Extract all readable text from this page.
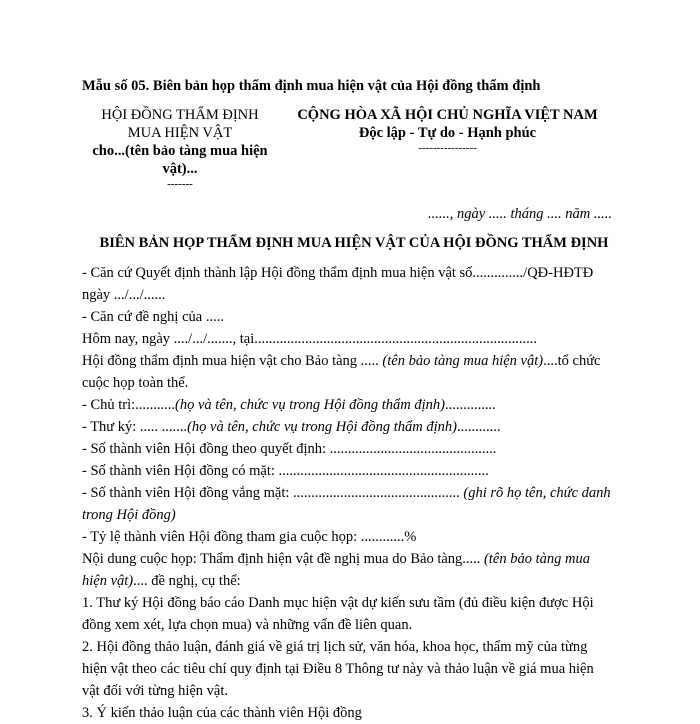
Mẫu số 05. Biên bản họp thẩm định mua hiện vật của Hội đồng thẩm định
HỘI ĐỒNG THẨM ĐỊNH
MUA HIỆN VẬT
cho...(tên bảo tàng mua hiện
vật)...
-------
CỘNG HÒA XÃ HỘI CHỦ NGHĨA VIỆT NAM
Độc lập - Tự do - Hạnh phúc
----------------
......, ngày ..... tháng .... năm .....
BIÊN BẢN HỌP THẨM ĐỊNH MUA HIỆN VẬT CỦA HỘI ĐỒNG THẨM ĐỊNH

- Căn cứ Quyết định thành lập Hội đồng thẩm định mua hiện vật số............../QĐ-HĐTĐ ngày .../.../......

- Căn cứ đề nghị của .....

Hôm nay, ngày ..../.../......., tại..............................................................................

Hội đồng thẩm định mua hiện vật cho Bảo tàng ..... (tên bảo tàng mua hiện vật)....tổ chức cuộc họp toàn thể.

- Chủ trì:...........(họ và tên, chức vụ trong Hội đồng thẩm định)..............

- Thư ký: ..... .......(họ và tên, chức vụ trong Hội đồng thẩm định)............

- Số thành viên Hội đồng theo quyết định: ..............................................

- Số thành viên Hội đồng có mặt: ..........................................................

- Số thành viên Hội đồng vắng mặt: .............................................. (ghi rõ họ tên, chức danh trong Hội đồng)

- Tỷ lệ thành viên Hội đồng tham gia cuộc họp: ............%

Nội dung cuộc họp: Thẩm định hiện vật đề nghị mua do Bảo tàng..... (tên bảo tàng mua hiện vật).... đề nghị, cụ thể:

1. Thư ký Hội đồng báo cáo Danh mục hiện vật dự kiến sưu tầm (đủ điều kiện được Hội đồng xem xét, lựa chọn mua) và những vấn đề liên quan.

2. Hội đồng thảo luận, đánh giá về giá trị lịch sử, văn hóa, khoa học, thẩm mỹ của từng hiện vật theo các tiêu chí quy định tại Điều 8 Thông tư này và thảo luận về giá mua hiện vật đối với từng hiện vật.

3. Ý kiến thảo luận của các thành viên Hội đồng
